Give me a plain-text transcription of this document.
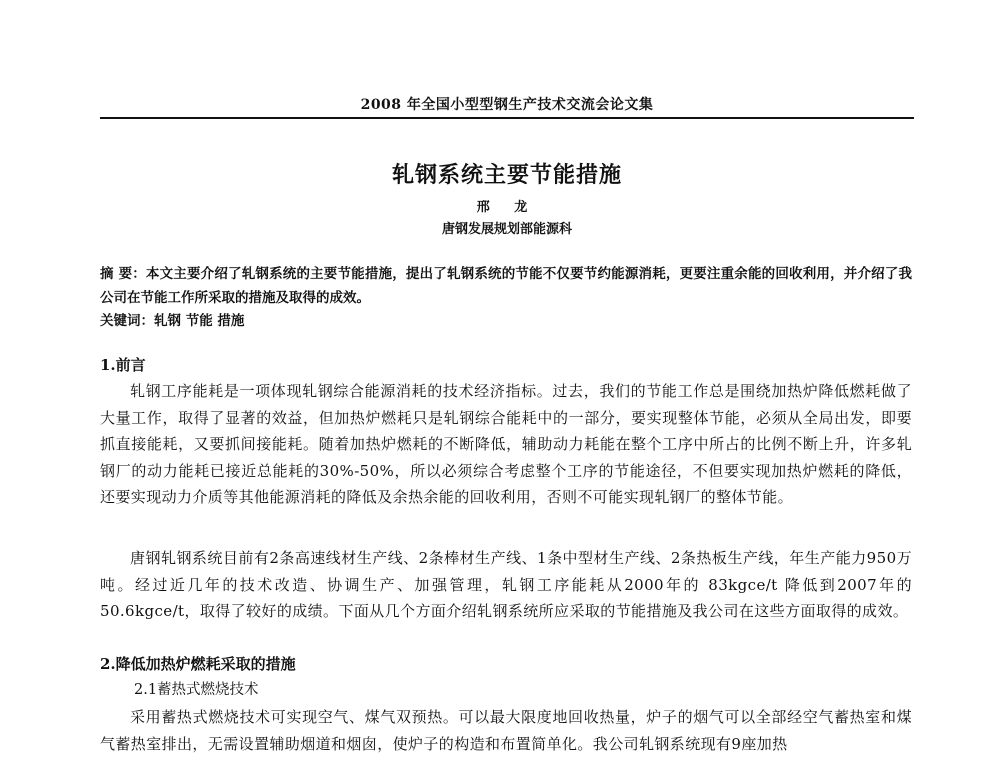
2008 年全国小型型钢生产技术交流会论文集
轧钢系统主要节能措施
邢 龙
唐钢发展规划部能源科
摘 要：本文主要介绍了轧钢系统的主要节能措施，提出了轧钢系统的节能不仅要节约能源消耗，更要注重余能的回收利用，并介绍了我公司在节能工作所采取的措施及取得的成效。
关键词：轧钢 节能 措施
1.前言
轧钢工序能耗是一项体现轧钢综合能源消耗的技术经济指标。过去，我们的节能工作总是围绕加热炉降低燃耗做了大量工作，取得了显著的效益，但加热炉燃耗只是轧钢综合能耗中的一部分，要实现整体节能，必须从全局出发，即要抓直接能耗，又要抓间接能耗。随着加热炉燃耗的不断降低，辅助动力耗能在整个工序中所占的比例不断上升，许多轧钢厂的动力能耗已接近总能耗的30%-50%，所以必须综合考虑整个工序的节能途径，不但要实现加热炉燃耗的降低，还要实现动力介质等其他能源消耗的降低及余热余能的回收利用，否则不可能实现轧钢厂的整体节能。
唐钢轧钢系统目前有2条高速线材生产线、2条棒材生产线、1条中型材生产线、2条热板生产线，年生产能力950万吨。经过近几年的技术改造、协调生产、加强管理，轧钢工序能耗从2000年的 83kgce/t 降低到2007年的50.6kgce/t，取得了较好的成绩。下面从几个方面介绍轧钢系统所应采取的节能措施及我公司在这些方面取得的成效。
2.降低加热炉燃耗采取的措施
2.1蓄热式燃烧技术
采用蓄热式燃烧技术可实现空气、煤气双预热。可以最大限度地回收热量，炉子的烟气可以全部经空气蓄热室和煤气蓄热室排出，无需设置辅助烟道和烟囱，使炉子的构造和布置简单化。我公司轧钢系统现有9座加热
